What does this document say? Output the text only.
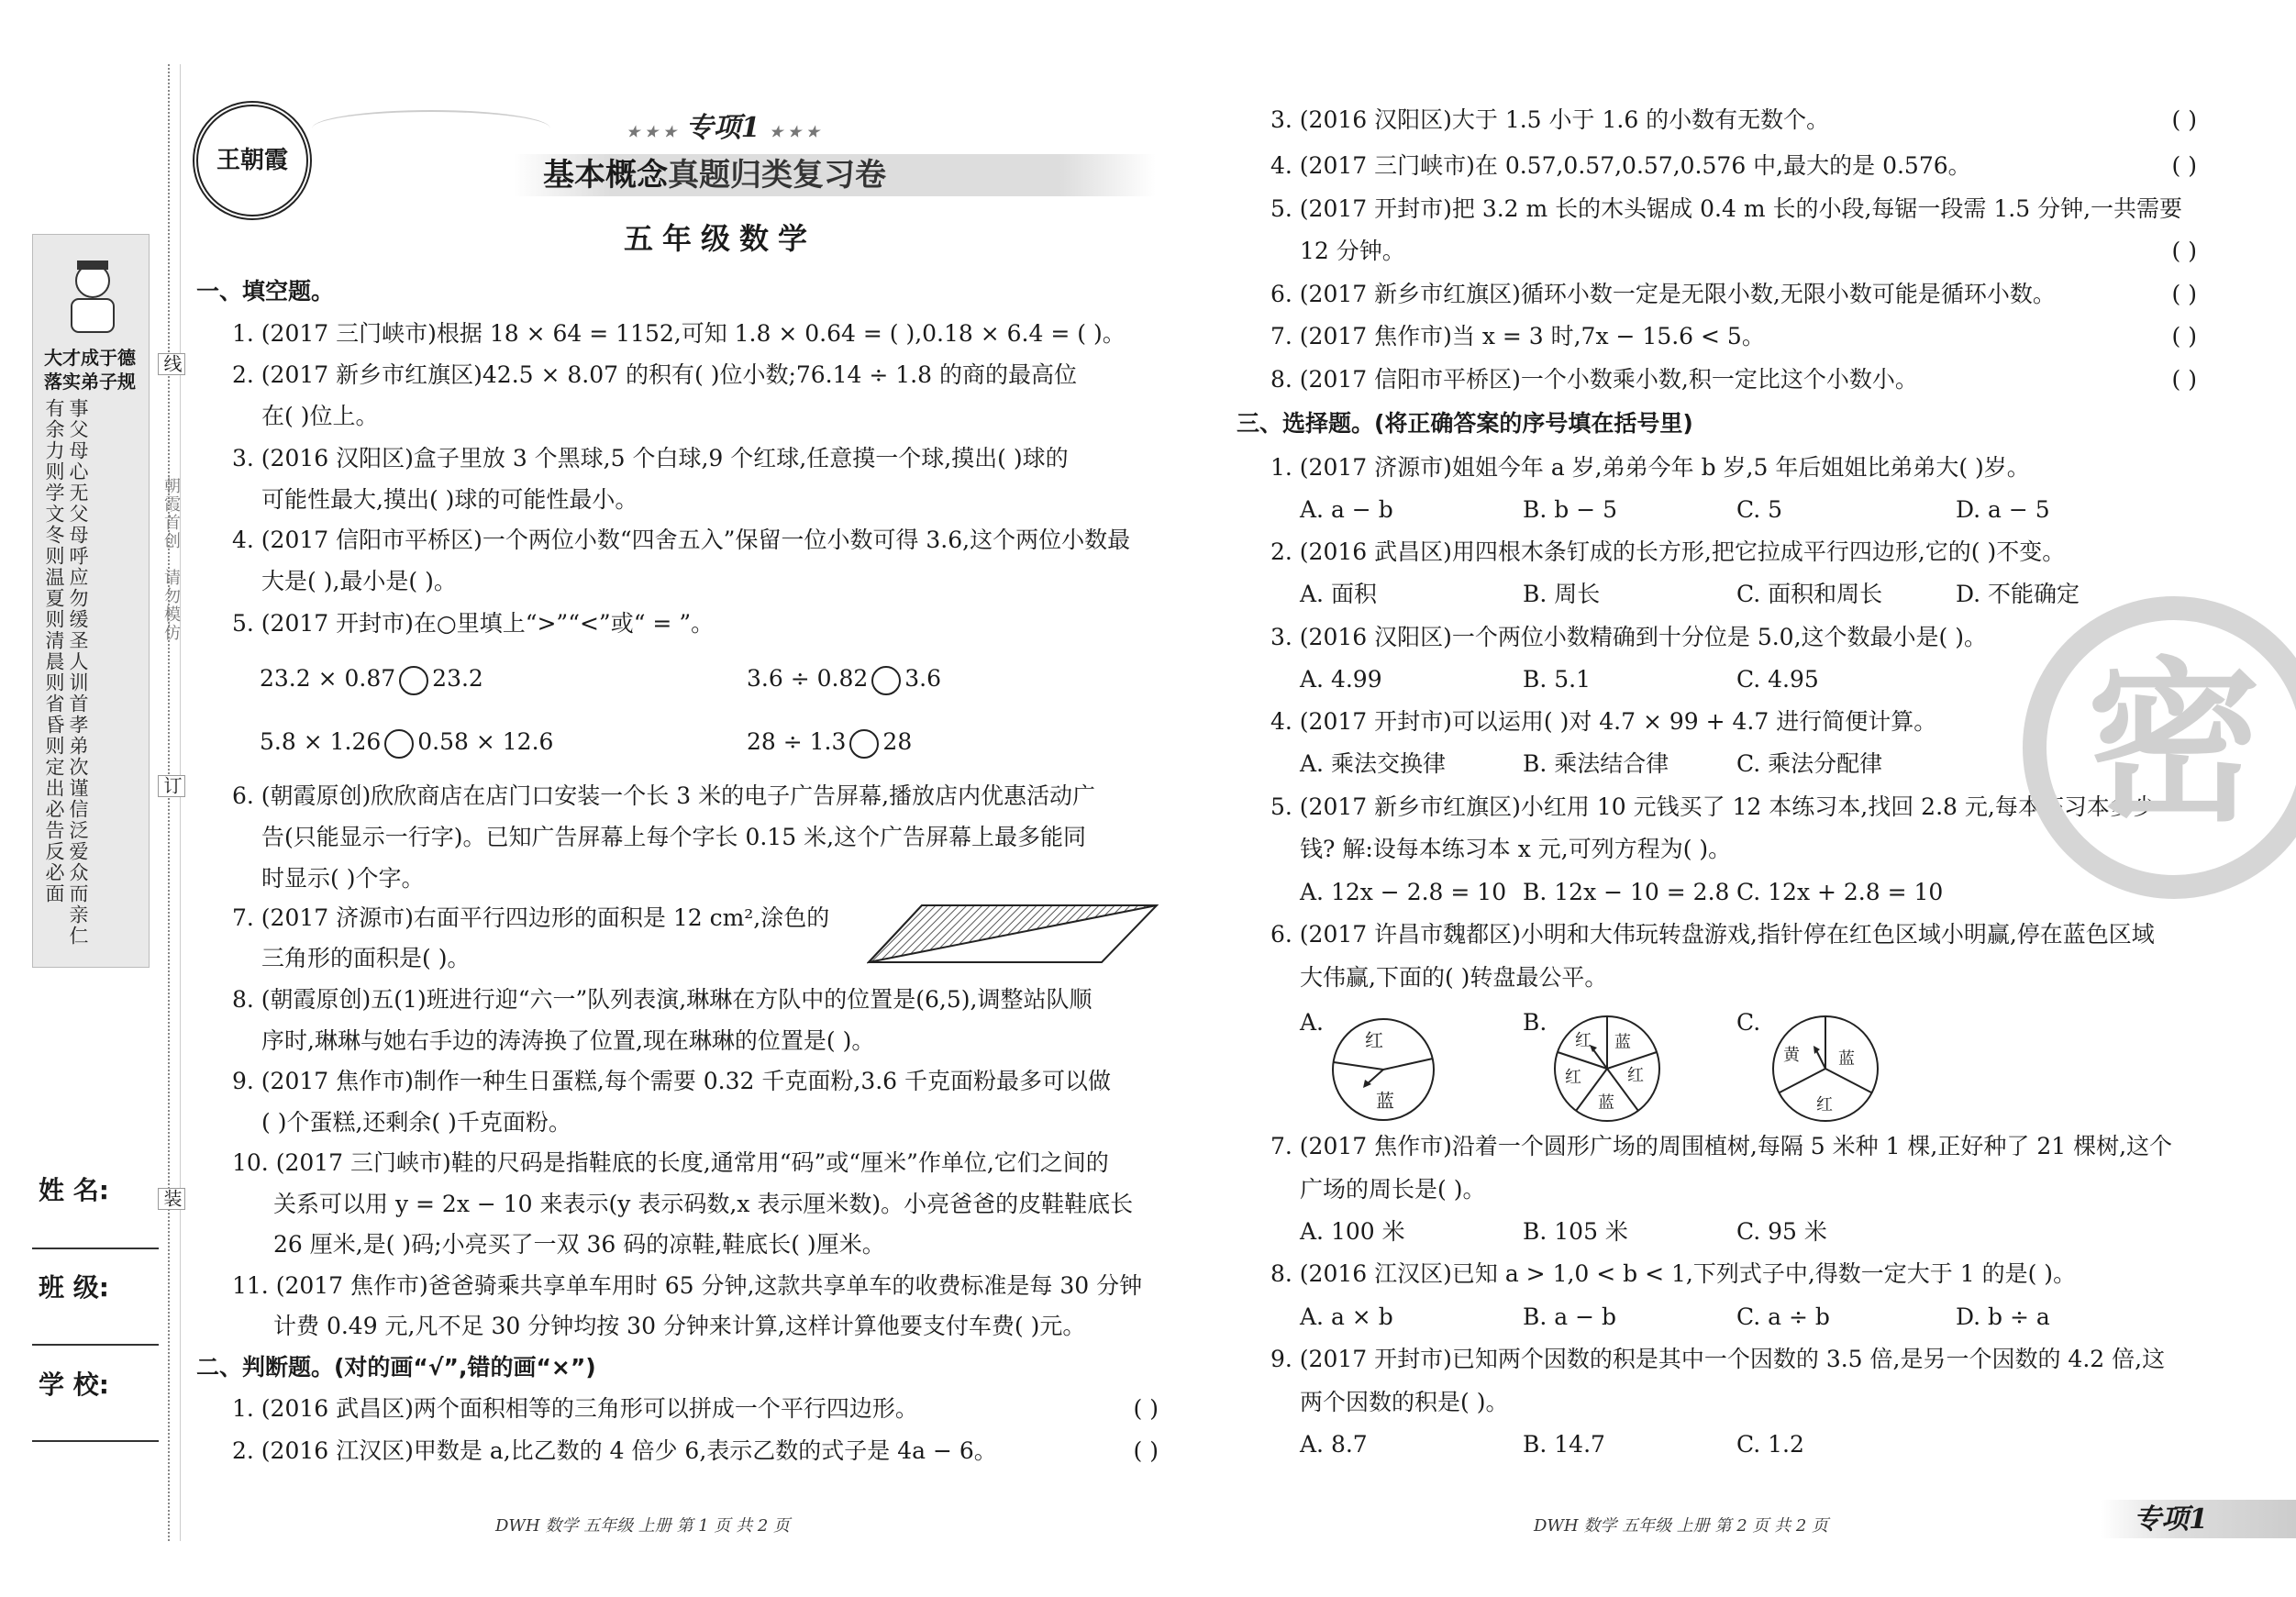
大才成于德
落实弟子规
事父母心无父母呼应勿缓圣人训首孝弟次谨信泛爱众而亲仁有余力则学文冬则温夏则清晨则省昏则定出必告反必面
线
朝霞首创
请勿模仿
订
装
姓 名:
班 级:
学 校:
王朝霞
★ ★ ★ 专项1 ★ ★ ★
基本概念真题归类复习卷
五年级数学
一、填空题。
1. (2017 三门峡市)根据 18 × 64 = 1152,可知 1.8 × 0.64 = ( ),0.18 × 6.4 = ( )。
2. (2017 新乡市红旗区)42.5 × 8.07 的积有( )位小数;76.14 ÷ 1.8 的商的最高位
在( )位上。
3. (2016 汉阳区)盒子里放 3 个黑球,5 个白球,9 个红球,任意摸一个球,摸出( )球的
可能性最大,摸出( )球的可能性最小。
4. (2017 信阳市平桥区)一个两位小数“四舍五入”保留一位小数可得 3.6,这个两位小数最
大是( ),最小是( )。
5. (2017 开封市)在○里填上“>”“<”或“ = ”。
23.2 × 0.87 23.2	3.6 ÷ 0.82 3.6
5.8 × 1.26 0.58 × 12.6	28 ÷ 1.3 28
6. (朝霞原创)欣欣商店在店门口安装一个长 3 米的电子广告屏幕,播放店内优惠活动广
告(只能显示一行字)。已知广告屏幕上每个字长 0.15 米,这个广告屏幕上最多能同
时显示( )个字。
7. (2017 济源市)右面平行四边形的面积是 12 cm²,涂色的
三角形的面积是( )。
8. (朝霞原创)五(1)班进行迎“六一”队列表演,琳琳在方队中的位置是(6,5),调整站队顺
序时,琳琳与她右手边的涛涛换了位置,现在琳琳的位置是( )。
9. (2017 焦作市)制作一种生日蛋糕,每个需要 0.32 千克面粉,3.6 千克面粉最多可以做
( )个蛋糕,还剩余( )千克面粉。
10. (2017 三门峡市)鞋的尺码是指鞋底的长度,通常用“码”或“厘米”作单位,它们之间的
关系可以用 y = 2x − 10 来表示(y 表示码数,x 表示厘米数)。小亮爸爸的皮鞋鞋底长
26 厘米,是( )码;小亮买了一双 36 码的凉鞋,鞋底长( )厘米。
11. (2017 焦作市)爸爸骑乘共享单车用时 65 分钟,这款共享单车的收费标准是每 30 分钟
计费 0.49 元,凡不足 30 分钟均按 30 分钟来计算,这样计算他要支付车费( )元。
二、判断题。(对的画“√”,错的画“×”)
1. (2016 武昌区)两个面积相等的三角形可以拼成一个平行四边形。	( )
2. (2016 江汉区)甲数是 a,比乙数的 4 倍少 6,表示乙数的式子是 4a − 6。	( )
DWH 数学 五年级 上册 第 1 页 共 2 页
3. (2016 汉阳区)大于 1.5 小于 1.6 的小数有无数个。	( )
4. (2017 三门峡市)在 0.57,0.57,0.57,0.576 中,最大的是 0.576。	( )
5. (2017 开封市)把 3.2 m 长的木头锯成 0.4 m 长的小段,每锯一段需 1.5 分钟,一共需要
12 分钟。	( )
6. (2017 新乡市红旗区)循环小数一定是无限小数,无限小数可能是循环小数。	( )
7. (2017 焦作市)当 x = 3 时,7x − 15.6 < 5。	( )
8. (2017 信阳市平桥区)一个小数乘小数,积一定比这个小数小。	( )
三、选择题。(将正确答案的序号填在括号里)
1. (2017 济源市)姐姐今年 a 岁,弟弟今年 b 岁,5 年后姐姐比弟弟大( )岁。
A. a − b	B. b − 5	C. 5	D. a − 5
2. (2016 武昌区)用四根木条钉成的长方形,把它拉成平行四边形,它的( )不变。
A. 面积	B. 周长	C. 面积和周长	D. 不能确定
3. (2016 汉阳区)一个两位小数精确到十分位是 5.0,这个数最小是( )。
A. 4.99	B. 5.1	C. 4.95
4. (2017 开封市)可以运用( )对 4.7 × 99 + 4.7 进行简便计算。
A. 乘法交换律	B. 乘法结合律	C. 乘法分配律
5. (2017 新乡市红旗区)小红用 10 元钱买了 12 本练习本,找回 2.8 元,每本练习本多少
钱? 解:设每本练习本 x 元,可列方程为( )。
A. 12x − 2.8 = 10 B. 12x − 10 = 2.8 C. 12x + 2.8 = 10
6. (2017 许昌市魏都区)小明和大伟玩转盘游戏,指针停在红色区域小明赢,停在蓝色区域
大伟赢,下面的( )转盘最公平。
A.	B.	C.
红
蓝
红 蓝
红
蓝
红
黄 蓝
红
7. (2017 焦作市)沿着一个圆形广场的周围植树,每隔 5 米种 1 棵,正好种了 21 棵树,这个
广场的周长是( )。
A. 100 米	B. 105 米	C. 95 米
8. (2016 江汉区)已知 a > 1,0 < b < 1,下列式子中,得数一定大于 1 的是( )。
A. a × b	B. a − b	C. a ÷ b	D. b ÷ a
9. (2017 开封市)已知两个因数的积是其中一个因数的 3.5 倍,是另一个因数的 4.2 倍,这
两个因数的积是( )。
A. 8.7	B. 14.7	C. 1.2
密
DWH 数学 五年级 上册 第 2 页 共 2 页	专项1
